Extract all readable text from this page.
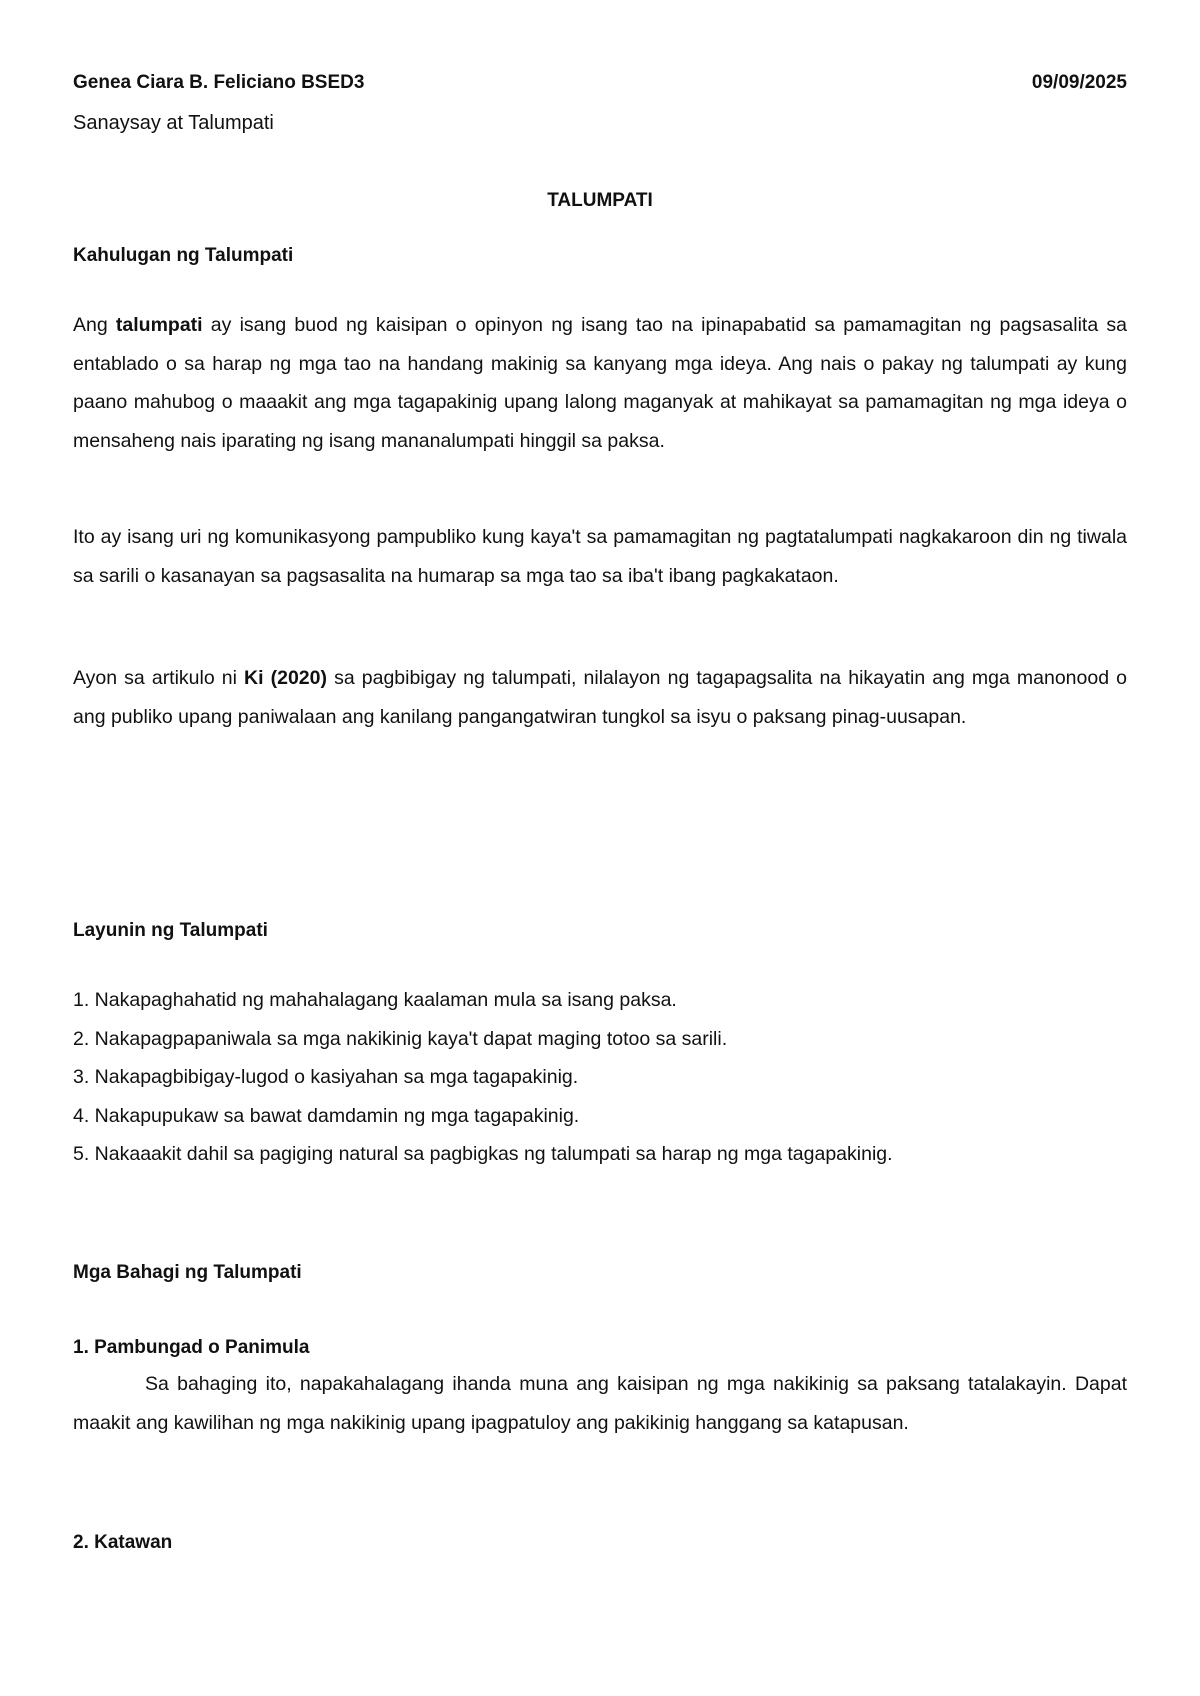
Genea Ciara B. Feliciano BSED3	09/09/2025
Sanaysay at Talumpati
TALUMPATI
Kahulugan ng Talumpati

Ang talumpati ay isang buod ng kaisipan o opinyon ng isang tao na ipinapabatid sa pamamagitan ng pagsasalita sa entablado o sa harap ng mga tao na handang makinig sa kanyang mga ideya. Ang nais o pakay ng talumpati ay kung paano mahubog o maaakit ang mga tagapakinig upang lalong maganyak at mahikayat sa pamamagitan ng mga ideya o mensaheng nais iparating ng isang mananalumpati hinggil sa paksa.

Ito ay isang uri ng komunikasyong pampubliko kung kaya't sa pamamagitan ng pagtatalumpati nagkakaroon din ng tiwala sa sarili o kasanayan sa pagsasalita na humarap sa mga tao sa iba't ibang pagkakataon.

Ayon sa artikulo ni Ki (2020) sa pagbibigay ng talumpati, nilalayon ng tagapagsalita na hikayatin ang mga manonood o ang publiko upang paniwalaan ang kanilang pangangatwiran tungkol sa isyu o paksang pinag-uusapan.

Layunin ng Talumpati
1. Nakapaghahatid ng mahahalagang kaalaman mula sa isang paksa.
2. Nakapagpapaniwala sa mga nakikinig kaya't dapat maging totoo sa sarili.
3. Nakapagbibigay-lugod o kasiyahan sa mga tagapakinig.
4. Nakapupukaw sa bawat damdamin ng mga tagapakinig.
5. Nakaaakit dahil sa pagiging natural sa pagbigkas ng talumpati sa harap ng mga tagapakinig.
Mga Bahagi ng Talumpati
1. Pambungad o Panimula

Sa bahaging ito, napakahalagang ihanda muna ang kaisipan ng mga nakikinig sa paksang tatalakayin. Dapat maakit ang kawilihan ng mga nakikinig upang ipagpatuloy ang pakikinig hanggang sa katapusan.

2. Katawan
